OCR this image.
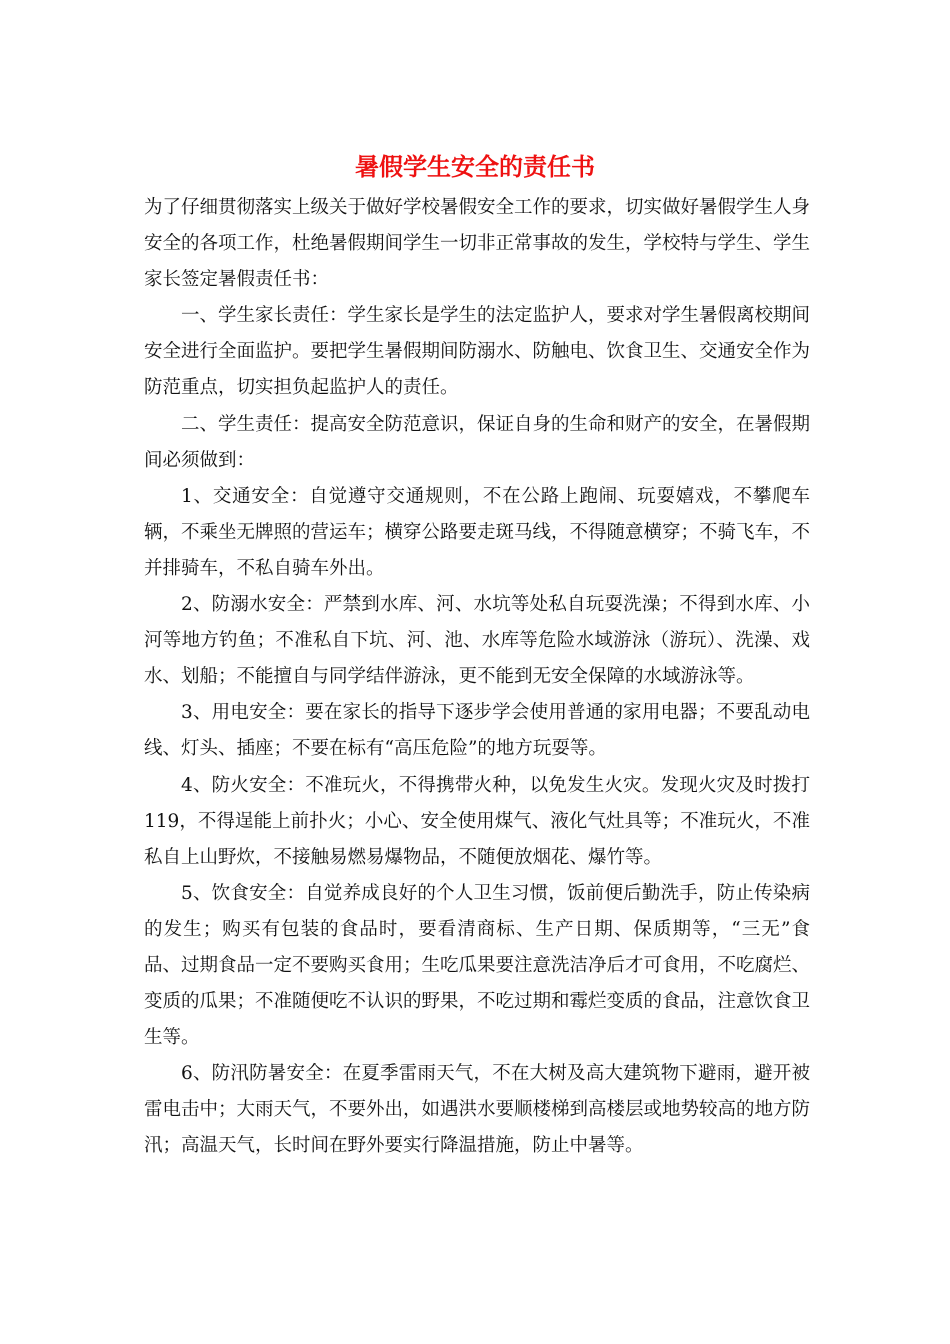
暑假学生安全的责任书

为了仔细贯彻落实上级关于做好学校暑假安全工作的要求，切实做好暑假学生人身安全的各项工作，杜绝暑假期间学生一切非正常事故的发生，学校特与学生、学生家长签定暑假责任书：

一、学生家长责任：学生家长是学生的法定监护人，要求对学生暑假离校期间安全进行全面监护。要把学生暑假期间防溺水、防触电、饮食卫生、交通安全作为防范重点，切实担负起监护人的责任。

二、学生责任：提高安全防范意识，保证自身的生命和财产的安全，在暑假期间必须做到：

1、交通安全：自觉遵守交通规则，不在公路上跑闹、玩耍嬉戏，不攀爬车辆，不乘坐无牌照的营运车；横穿公路要走斑马线，不得随意横穿；不骑飞车，不并排骑车，不私自骑车外出。

2、防溺水安全：严禁到水库、河、水坑等处私自玩耍洗澡；不得到水库、小河等地方钓鱼；不准私自下坑、河、池、水库等危险水域游泳（游玩）、洗澡、戏水、划船；不能擅自与同学结伴游泳，更不能到无安全保障的水域游泳等。

3、用电安全：要在家长的指导下逐步学会使用普通的家用电器；不要乱动电线、灯头、插座；不要在标有“高压危险”的地方玩耍等。

4、防火安全：不准玩火，不得携带火种，以免发生火灾。发现火灾及时拨打119，不得逞能上前扑火；小心、安全使用煤气、液化气灶具等；不准玩火，不准私自上山野炊，不接触易燃易爆物品，不随便放烟花、爆竹等。

5、饮食安全：自觉养成良好的个人卫生习惯，饭前便后勤洗手，防止传染病的发生；购买有包装的食品时，要看清商标、生产日期、保质期等，“三无”食品、过期食品一定不要购买食用；生吃瓜果要注意洗洁净后才可食用，不吃腐烂、变质的瓜果；不准随便吃不认识的野果，不吃过期和霉烂变质的食品，注意饮食卫生等。

6、防汛防暑安全：在夏季雷雨天气，不在大树及高大建筑物下避雨，避开被雷电击中；大雨天气，不要外出，如遇洪水要顺楼梯到高楼层或地势较高的地方防汛；高温天气，长时间在野外要实行降温措施，防止中暑等。
